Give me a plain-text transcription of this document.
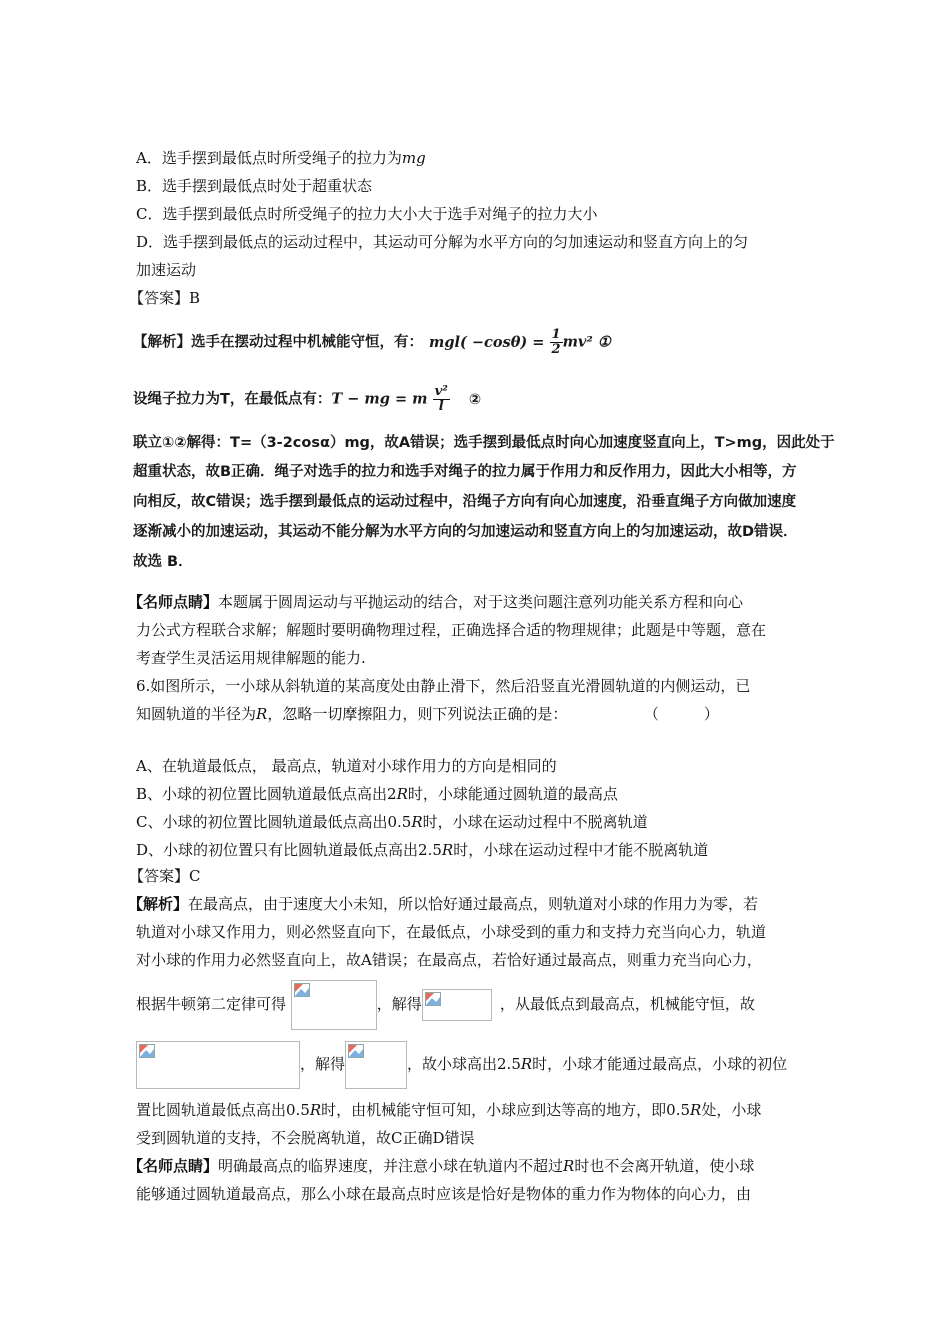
A．选手摆到最低点时所受绳子的拉力为mg
B．选手摆到最低点时处于超重状态
C．选手摆到最低点时所受绳子的拉力大小大于选手对绳子的拉力大小
D．选手摆到最低点的运动过程中，其运动可分解为水平方向的匀加速运动和竖直方向上的匀
加速运动
【答案】B
【解析】选手在摆动过程中机械能守恒，有： $mgl( -\cos\theta) = \frac{1}{2} mv^2$ ①
设绳子拉力为T，在最低点有：T − mg = m $\frac{\text{v²}}{l}$ ②
联立①②解得：T=（3-2cosα）mg，故A错误；选手摆到最低点时向心加速度竖直向上，T>mg，因此处于
超重状态，故B正确．绳子对选手的拉力和选手对绳子的拉力属于作用力和反作用力，因此大小相等，方
向相反，故C错误；选手摆到最低点的运动过程中，沿绳子方向有向心加速度，沿垂直绳子方向做加速度
逐渐减小的加速运动，其运动不能分解为水平方向的匀加速运动和竖直方向上的匀加速运动，故D错误．
故选 B．
【名师点睛】本题属于圆周运动与平抛运动的结合，对于这类问题注意列功能关系方程和向心
力公式方程联合求解；解题时要明确物理过程，正确选择合适的物理规律；此题是中等题，意在
考查学生灵活运用规律解题的能力.
6.如图所示，一小球从斜轨道的某高度处由静止滑下，然后沿竖直光滑圆轨道的内侧运动，已
知圆轨道的半径为R，忽略一切摩擦阻力，则下列说法正确的是：	（　　　）
A、在轨道最低点， 最高点，轨道对小球作用力的方向是相同的
B、小球的初位置比圆轨道最低点高出2R时，小球能通过圆轨道的最高点
C、小球的初位置比圆轨道最低点高出0.5R时，小球在运动过程中不脱离轨道
D、小球的初位置只有比圆轨道最低点高出2.5R时，小球在运动过程中才能不脱离轨道
【答案】C
【解析】在最高点，由于速度大小未知，所以恰好通过最高点，则轨道对小球的作用力为零，若
轨道对小球又作用力，则必然竖直向下，在最低点，小球受到的重力和支持力充当向心力，轨道
对小球的作用力必然竖直向上，故A错误；在最高点，若恰好通过最高点，则重力充当向心力，
根据牛顿第二定律可得	，解得	，从最低点到最高点，机械能守恒，故
，解得	，故小球高出2.5R时，小球才能通过最高点，小球的初位
置比圆轨道最低点高出0.5R时，由机械能守恒可知，小球应到达等高的地方，即0.5R处，小球
受到圆轨道的支持，不会脱离轨道，故C正确D错误
【名师点睛】明确最高点的临界速度，并注意小球在轨道内不超过R时也不会离开轨道，使小球
能够通过圆轨道最高点，那么小球在最高点时应该是恰好是物体的重力作为物体的向心力，由
